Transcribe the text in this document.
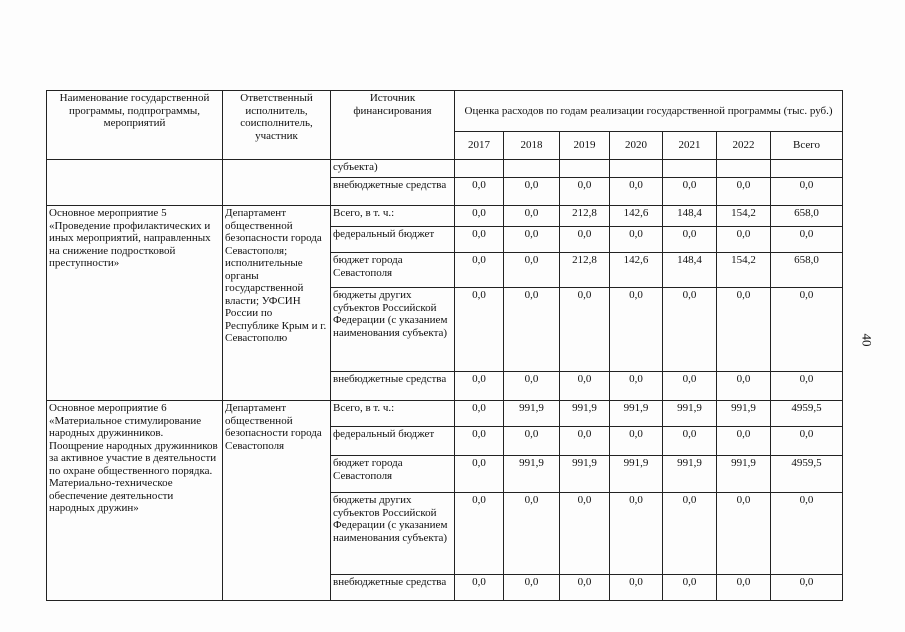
Наименование государственной программы, подпрограммы, мероприятий	Ответственный исполнитель, соисполнитель, участник	Источник финансирования	Оценка расходов по годам реализации государственной программы (тыс. руб.)						
			2017	2018	2019	2020	2021	2022	Всего
		субъекта)							
		внебюджетные средства	0,0	0,0	0,0	0,0	0,0	0,0	0,0
Основное мероприятие 5 «Проведение профилактических и иных мероприятий, направленных на снижение подростковой преступности»	Департамент общественной безопасности города Севастополя; исполнительные органы государственной власти; УФСИН России по Республике Крым и г. Севастополю	Всего, в т. ч.:	0,0	0,0	212,8	142,6	148,4	154,2	658,0
		федеральный бюджет	0,0	0,0	0,0	0,0	0,0	0,0	0,0
		бюджет города Севастополя	0,0	0,0	212,8	142,6	148,4	154,2	658,0
		бюджеты других субъектов Российской Федерации (с указанием наименования субъекта)	0,0	0,0	0,0	0,0	0,0	0,0	0,0
		внебюджетные средства	0,0	0,0	0,0	0,0	0,0	0,0	0,0
Основное мероприятие 6 «Материальное стимулирование народных дружинников. Поощрение народных дружинников за активное участие в деятельности по охране общественного порядка. Материально-техническое обеспечение деятельности народных дружин»	Департамент общественной безопасности города Севастополя	Всего, в т. ч.:	0,0	991,9	991,9	991,9	991,9	991,9	4959,5
		федеральный бюджет	0,0	0,0	0,0	0,0	0,0	0,0	0,0
		бюджет города Севастополя	0,0	991,9	991,9	991,9	991,9	991,9	4959,5
		бюджеты других субъектов Российской Федерации (с указанием наименования субъекта)	0,0	0,0	0,0	0,0	0,0	0,0	0,0
		внебюджетные средства	0,0	0,0	0,0	0,0	0,0	0,0	0,0
40
